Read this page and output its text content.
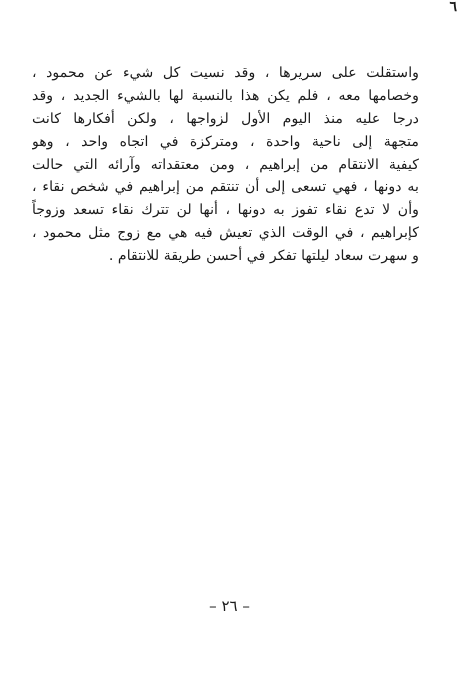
٦
واستقلت على سريرها ، وقد نسيت كل شيء عن محمود ،
وخصامها معه ، فلم يكن هذا بالنسبة لها بالشيء الجديد ، وقد
درجا عليه منذ اليوم الأول لزواجها ، ولكن أفكارها كانت
متجهة إلى ناحية واحدة ، ومتركزة في اتجاه واحد ، وهو
كيفية الانتقام من إبراهيم ، ومن معتقداته وآرائه التي حالت
به دونها ، فهي تسعى إلى أن تنتقم من إبراهيم في شخص نقاء ،
وأن لا تدع نقاء تفوز به دونها ، أنها لن تترك نقاء تسعد وزوجاً
كإبراهيم ، في الوقت الذي تعيش فيه هي مع زوج مثل محمود ،
و سهرت سعاد ليلتها تفكر في أحسن طريقة للانتقام .
– ٢٦ –
